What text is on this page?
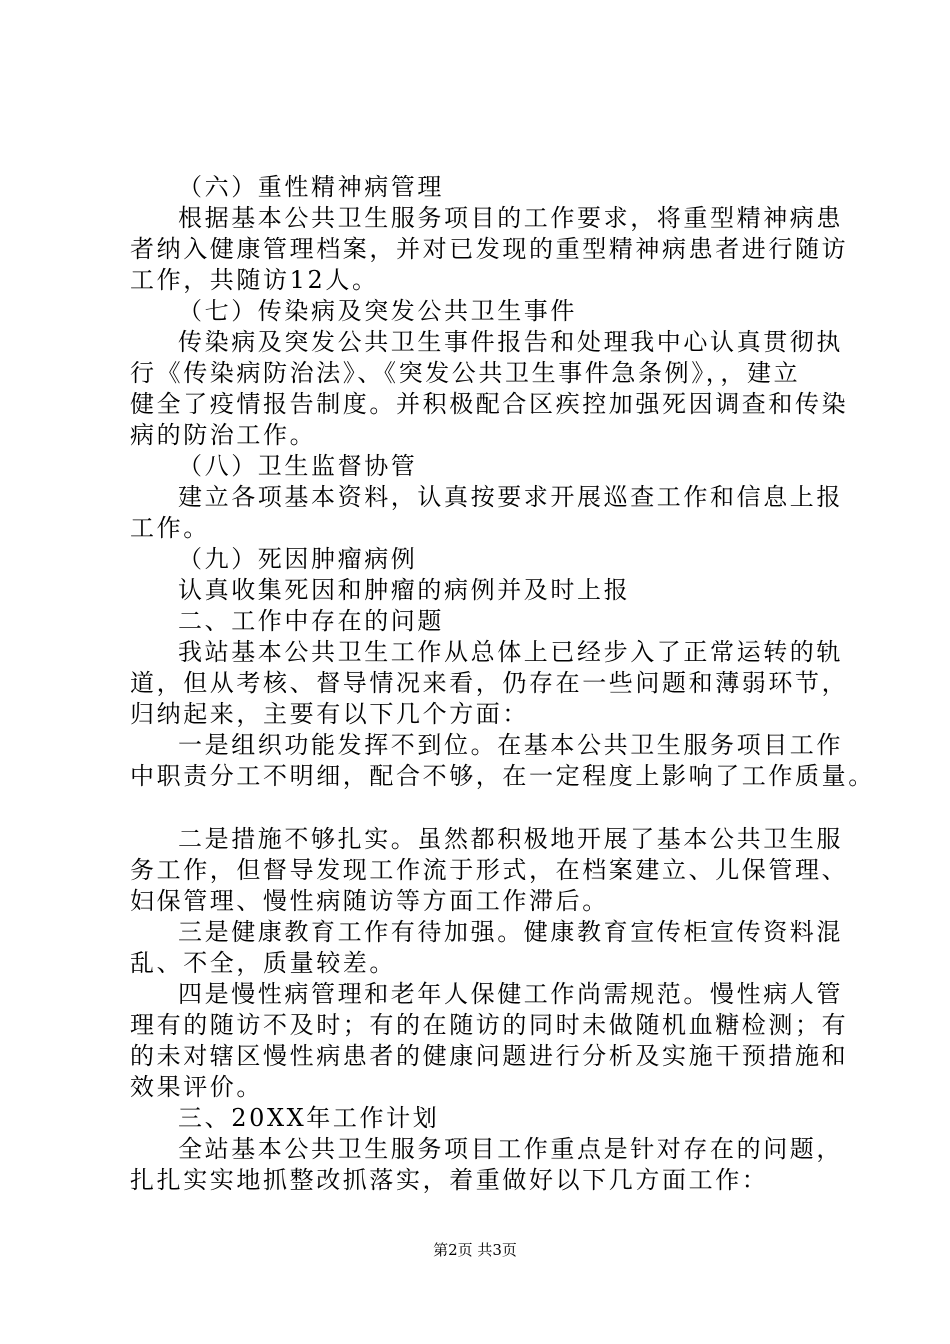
（六）重性精神病管理
根据基本公共卫生服务项目的工作要求，将重型精神病患
者纳入健康管理档案，并对已发现的重型精神病患者进行随访
工作，共随访12人。
（七）传染病及突发公共卫生事件
传染病及突发公共卫生事件报告和处理我中心认真贯彻执
行《传染病防治法》、《突发公共卫生事件急条例》，，建立
健全了疫情报告制度。并积极配合区疾控加强死因调查和传染
病的防治工作。
（八）卫生监督协管
建立各项基本资料，认真按要求开展巡查工作和信息上报
工作。
（九）死因肿瘤病例
认真收集死因和肿瘤的病例并及时上报
二、工作中存在的问题
我站基本公共卫生工作从总体上已经步入了正常运转的轨
道，但从考核、督导情况来看，仍存在一些问题和薄弱环节，
归纳起来，主要有以下几个方面：
一是组织功能发挥不到位。在基本公共卫生服务项目工作
中职责分工不明细，配合不够，在一定程度上影响了工作质量。
二是措施不够扎实。虽然都积极地开展了基本公共卫生服
务工作，但督导发现工作流于形式，在档案建立、儿保管理、
妇保管理、慢性病随访等方面工作滞后。
三是健康教育工作有待加强。健康教育宣传柜宣传资料混
乱、不全，质量较差。
四是慢性病管理和老年人保健工作尚需规范。慢性病人管
理有的随访不及时；有的在随访的同时未做随机血糖检测；有
的未对辖区慢性病患者的健康问题进行分析及实施干预措施和
效果评价。
三、20XX年工作计划
全站基本公共卫生服务项目工作重点是针对存在的问题，
扎扎实实地抓整改抓落实，着重做好以下几方面工作：
第2页 共3页
